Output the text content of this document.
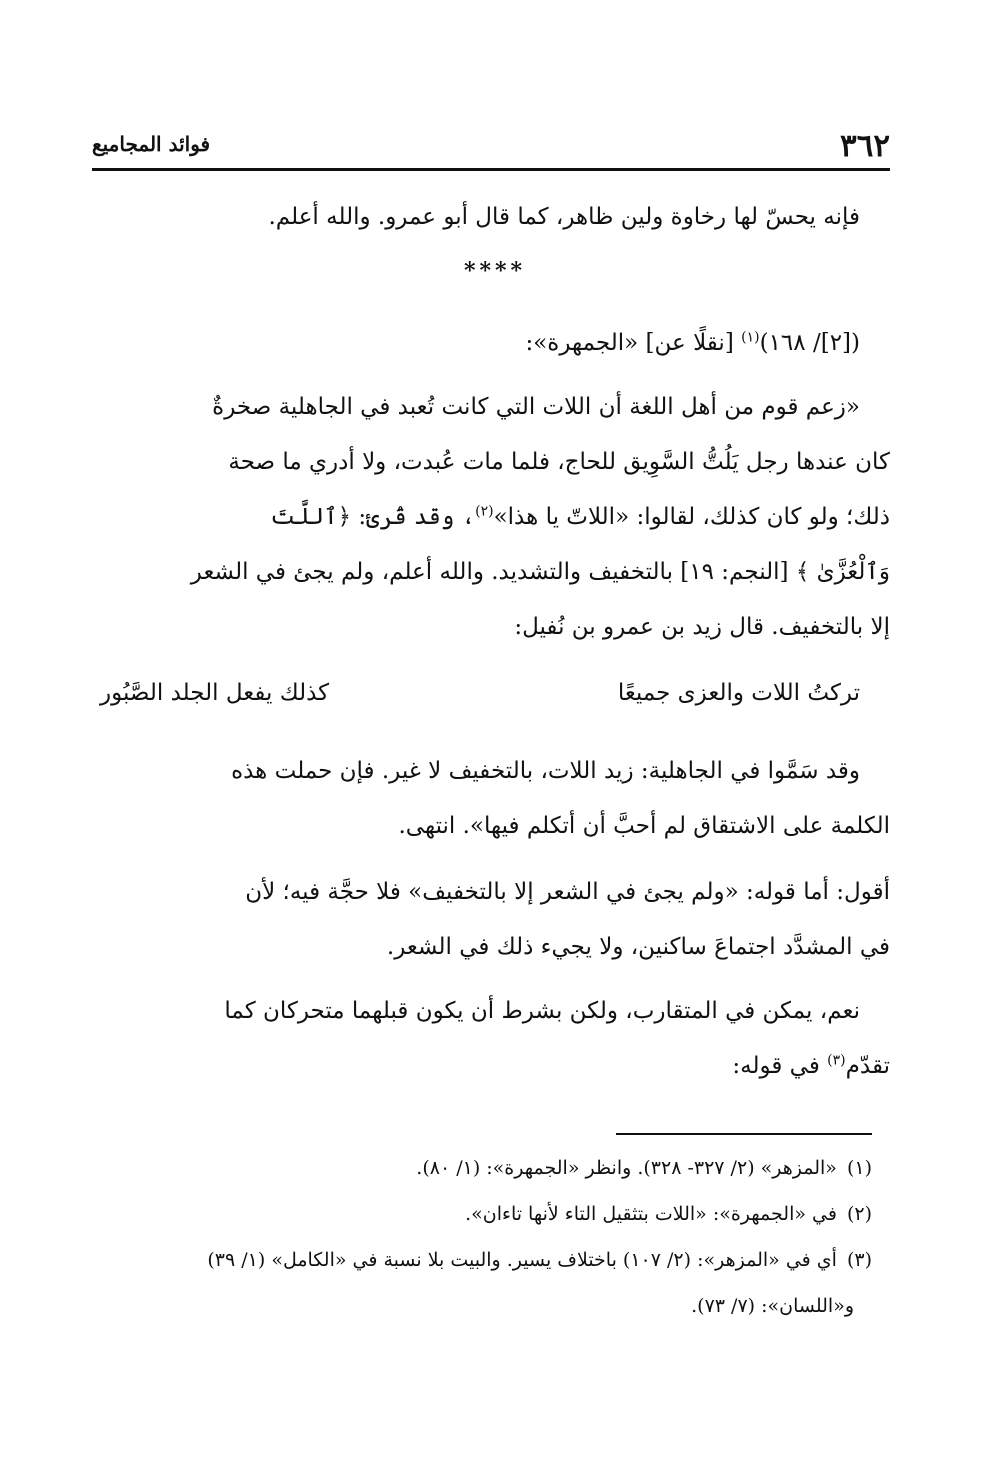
٣٦٢
فوائد المجاميع

فإنه يحسّ لها رخاوة ولين ظاهر، كما قال أبو عمرو. والله أعلم.

****

([٢]/ ١٦٨)$^{(١)}$ [نقلًا عن] «الجمهرة»:

«زعم قوم من أهل اللغة أن اللات التي كانت تُعبد في الجاهلية صخرةٌ

كان عندها رجل يَلُتُّ السَّوِيق للحاج، فلما مات عُبدت، ولا أدري ما صحة

ذلك؛ ولو كان كذلك، لقالوا: «اللاتّ يا هذا»$^{(٢)}$، وقد قُرئ: ﴿ٱللَّتَ

وَٱلْعُزَّىٰ ﴾ [النجم: ١٩] بالتخفيف والتشديد. والله أعلم، ولم يجئ في الشعر

إلا بالتخفيف. قال زيد بن عمرو بن نُفيل:

تركتُ اللات والعزى جميعًا
كذلك يفعل الجلد الصَّبُور

وقد سَمَّوا في الجاهلية: زيد اللات، بالتخفيف لا غير. فإن حملت هذه

الكلمة على الاشتقاق لم أحبَّ أن أتكلم فيها». انتهى.

أقول: أما قوله: «ولم يجئ في الشعر إلا بالتخفيف» فلا حجَّة فيه؛ لأن

في المشدَّد اجتماعَ ساكنين، ولا يجيء ذلك في الشعر.

نعم، يمكن في المتقارب، ولكن بشرط أن يكون قبلهما متحركان كما

تقدّم$^{(٣)}$ في قوله:

(١)«المزهر» (٢/ ٣٢٧- ٣٢٨). وانظر «الجمهرة»: (١/ ٨٠).

(٢)في «الجمهرة»: «اللات بتثقيل التاء لأنها تاءان».

(٣)أي في «المزهر»: (٢/ ١٠٧) باختلاف يسير. والبيت بلا نسبة في «الكامل» (١/ ٣٩)

و«اللسان»: (٧/ ٧٣).
